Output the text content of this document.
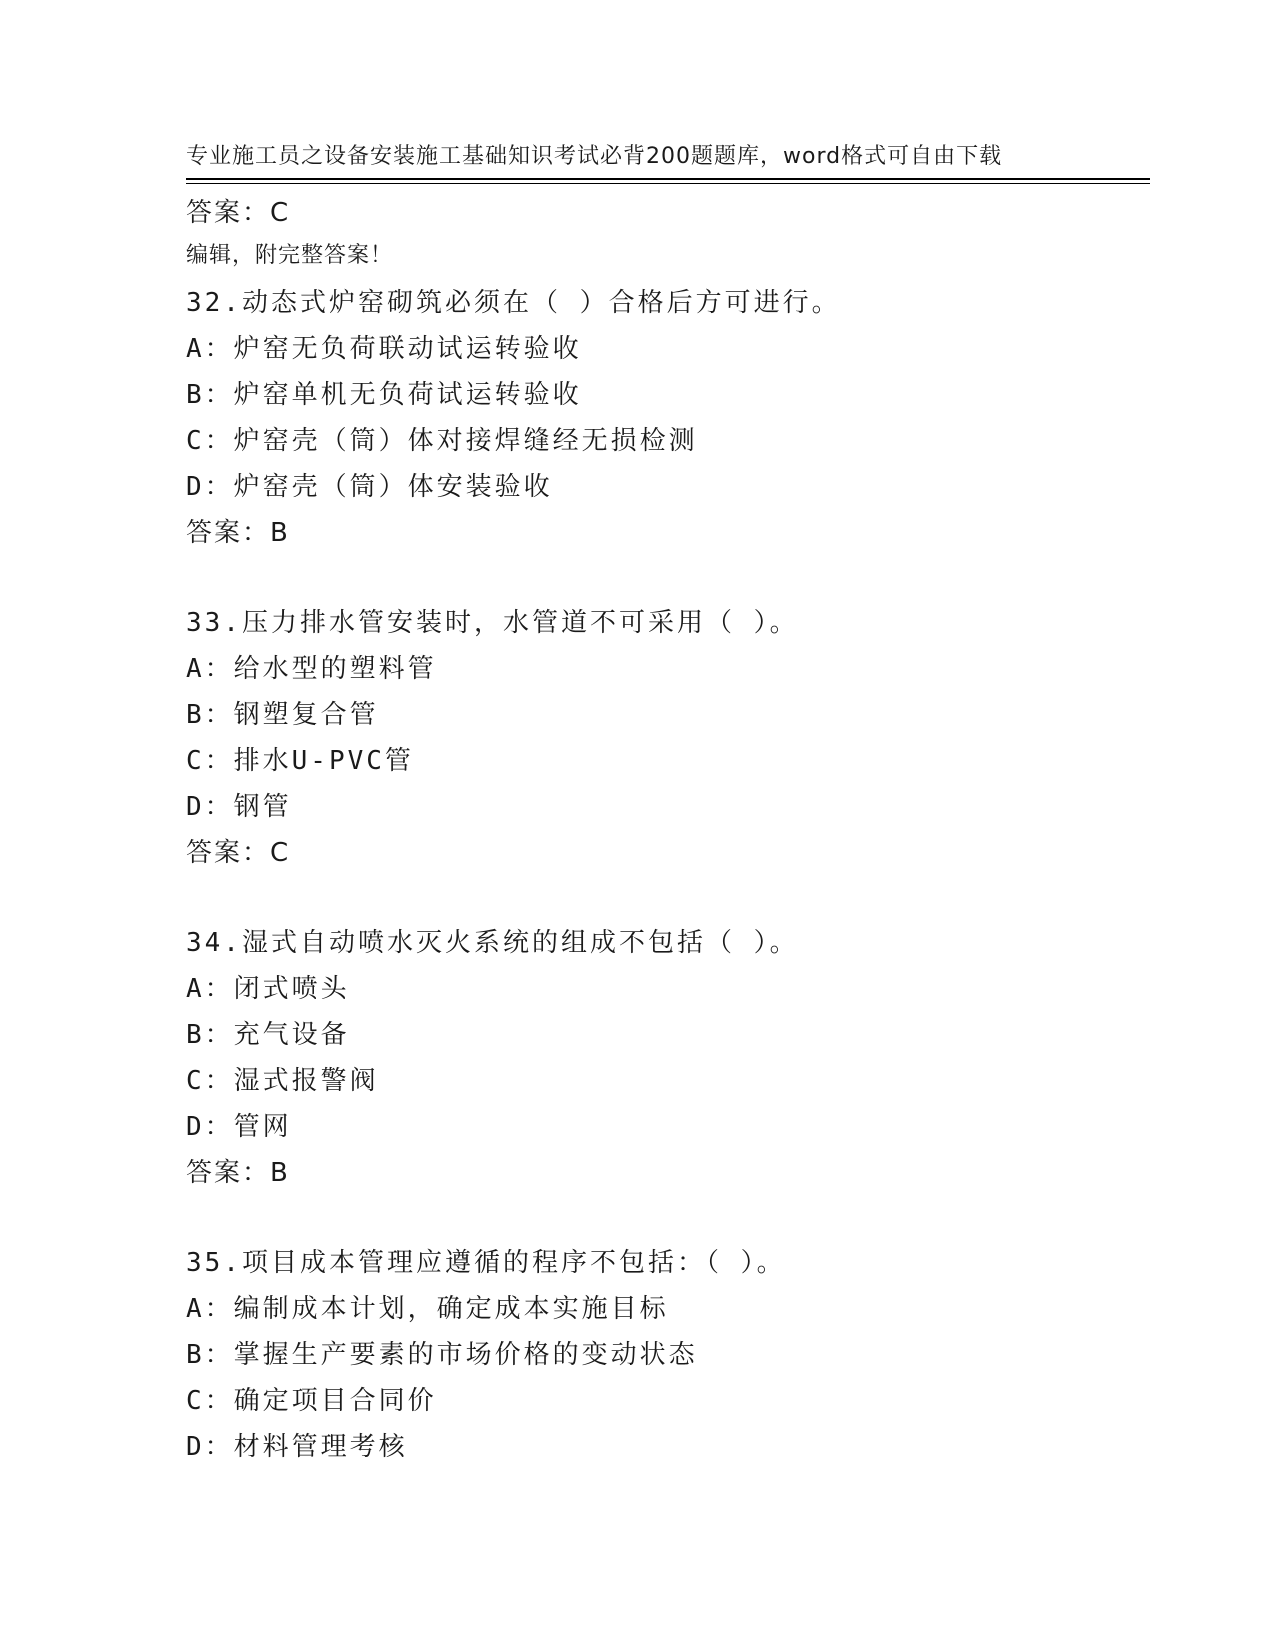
专业施工员之设备安装施工基础知识考试必背200题题库，word格式可自由下载

编辑，附完整答案！

答案：C
32.动态式炉窑砌筑必须在（ ）合格后方可进行。
A：炉窑无负荷联动试运转验收
B：炉窑单机无负荷试运转验收
C：炉窑壳（筒）体对接焊缝经无损检测
D：炉窑壳（筒）体安装验收
答案：B
33.压力排水管安装时，水管道不可采用（ ）。
A：给水型的塑料管
B：钢塑复合管
C：排水U-PVC管
D：钢管
答案：C
34.湿式自动喷水灭火系统的组成不包括（ ）。
A：闭式喷头
B：充气设备
C：湿式报警阀
D：管网
答案：B
35.项目成本管理应遵循的程序不包括：（ ）。
A：编制成本计划，确定成本实施目标
B：掌握生产要素的市场价格的变动状态
C：确定项目合同价
D：材料管理考核
